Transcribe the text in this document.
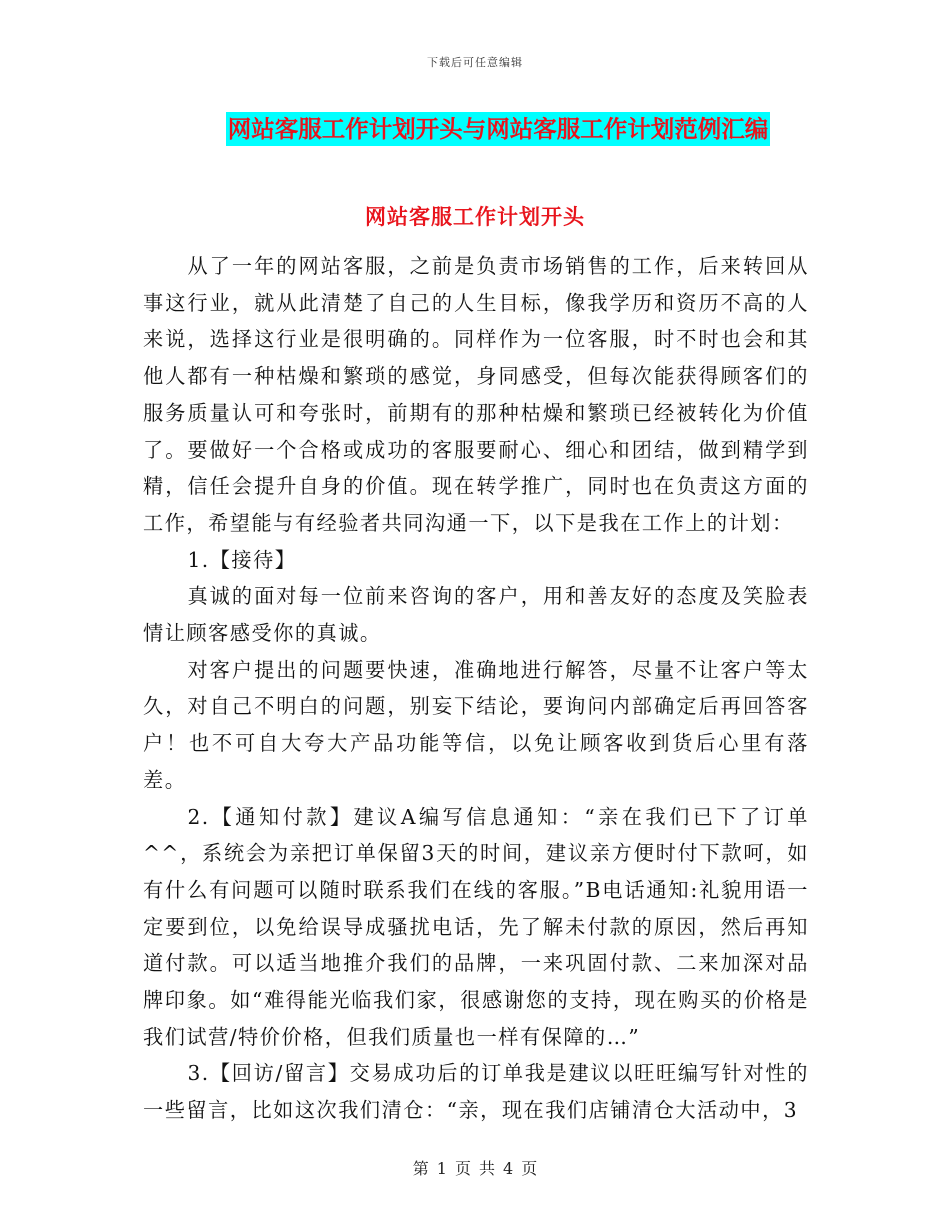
下载后可任意编辑
网站客服工作计划开头与网站客服工作计划范例汇编
网站客服工作计划开头

从了一年的网站客服，之前是负责市场销售的工作，后来转回从事这行业，就从此清楚了自己的人生目标，像我学历和资历不高的人来说，选择这行业是很明确的。同样作为一位客服，时不时也会和其他人都有一种枯燥和繁琐的感觉，身同感受，但每次能获得顾客们的服务质量认可和夸张时，前期有的那种枯燥和繁琐已经被转化为价值了。要做好一个合格或成功的客服要耐心、细心和团结，做到精学到精，信任会提升自身的价值。现在转学推广，同时也在负责这方面的工作，希望能与有经验者共同沟通一下，以下是我在工作上的计划：

1.【接待】

真诚的面对每一位前来咨询的客户，用和善友好的态度及笑脸表情让顾客感受你的真诚。

对客户提出的问题要快速，准确地进行解答，尽量不让客户等太久，对自己不明白的问题，别妄下结论，要询问内部确定后再回答客户！也不可自大夸大产品功能等信，以免让顾客收到货后心里有落差。

2.【通知付款】建议A编写信息通知：“亲在我们已下了订单^^，系统会为亲把订单保留3天的时间，建议亲方便时付下款呵，如有什么有问题可以随时联系我们在线的客服。”B电话通知:礼貌用语一定要到位，以免给误导成骚扰电话，先了解未付款的原因，然后再知道付款。可以适当地推介我们的品牌，一来巩固付款、二来加深对品牌印象。如“难得能光临我们家，很感谢您的支持，现在购买的价格是我们试营/特价价格，但我们质量也一样有保障的…”

3.【回访/留言】交易成功后的订单我是建议以旺旺编写针对性的一些留言，比如这次我们清仓：“亲，现在我们店铺清仓大活动中，3

第 1 页 共 4 页
